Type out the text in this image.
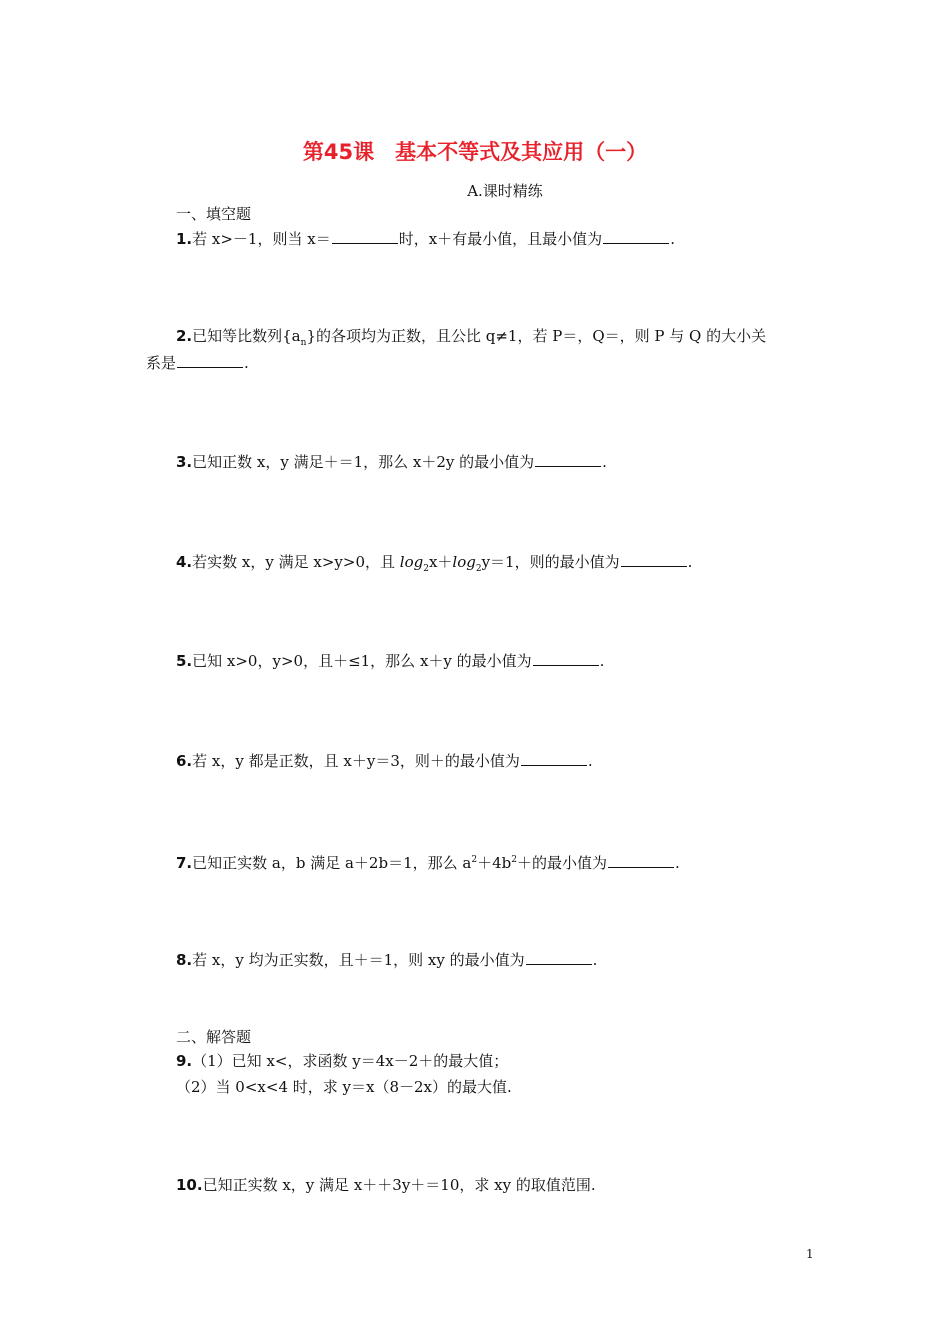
第45课　基本不等式及其应用（一）
A.课时精练
一、填空题
1.若 x>－1，则当 x＝	时，x＋有最小值，且最小值为	.
2.已知等比数列$\{a_n\}$的各项均为正数，且公比 q≠1，若 P＝，Q＝，则 P 与 Q 的大小关
系是	.
3.已知正数 x，y 满足＋＝1，那么 x＋2y 的最小值为	.
4.若实数 x，y 满足 x>y>0，且 $\log_2x+\log_2y=1$，则的最小值为	.
5.已知 x>0，y>0，且＋≤1，那么 x＋y 的最小值为	.
6.若 x，y 都是正数，且 x＋y＝3，则＋的最小值为	.
7.已知正实数 a，b 满足 a＋2b＝1，那么 $a^2+4b^2+$的最小值为	.
8.若 x，y 均为正实数，且＋＝1，则 xy 的最小值为	.
二、解答题
9.（1）已知 x<，求函数 y＝4x－2＋的最大值；
（2）当 0<x<4 时，求 y＝x（8－2x）的最大值.
10.已知正实数 x，y 满足 x＋＋3y＋＝10，求 xy 的取值范围.
1
